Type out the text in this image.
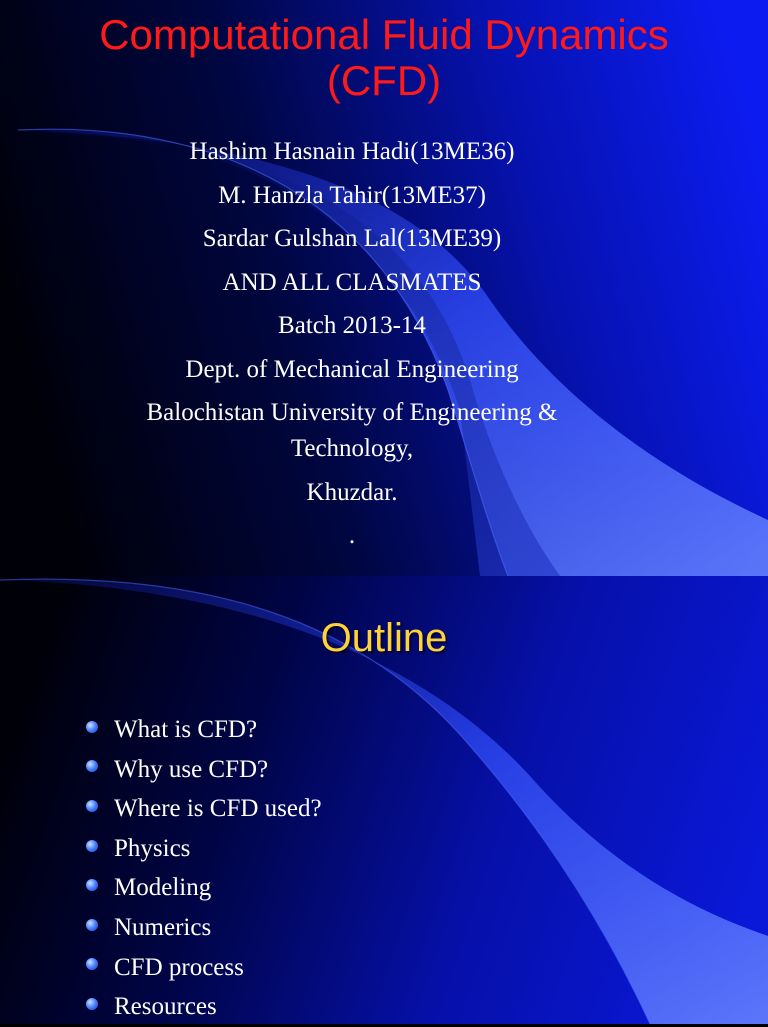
Computational Fluid Dynamics
(CFD)
Hashim Hasnain Hadi(13ME36)
M. Hanzla Tahir(13ME37)
Sardar Gulshan Lal(13ME39)
AND ALL CLASMATES
Batch 2013-14
Dept. of Mechanical Engineering
Balochistan University of Engineering &
Technology,
Khuzdar.
.
Outline
What is CFD?
Why use CFD?
Where is CFD used?
Physics
Modeling
Numerics
CFD process
Resources
